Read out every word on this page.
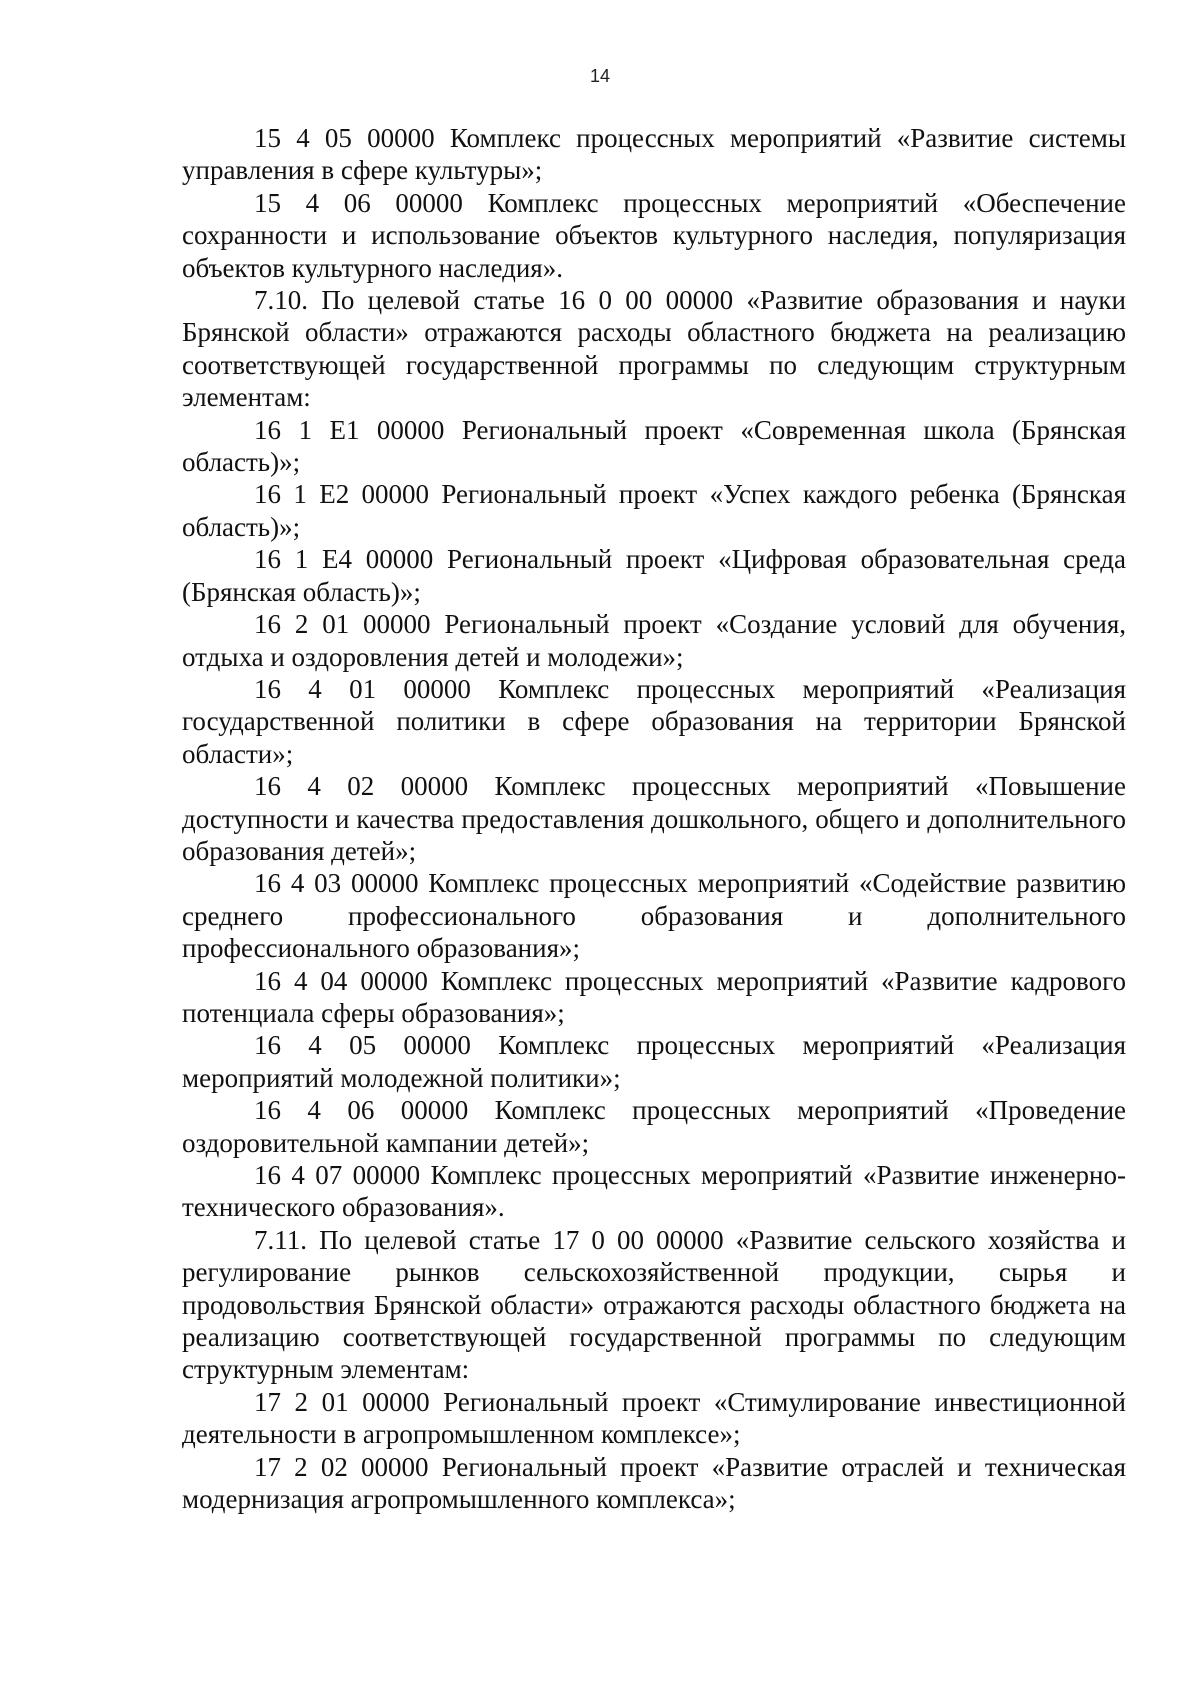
14

15 4 05 00000 Комплекс процессных мероприятий «Развитие системы управления в сфере культуры»;

15 4 06 00000 Комплекс процессных мероприятий «Обеспечение сохранности и использование объектов культурного наследия, популяризация объектов культурного наследия».

7.10. По целевой статье 16 0 00 00000 «Развитие образования и науки Брянской области» отражаются расходы областного бюджета на реализацию соответствующей государственной программы по следующим структурным элементам:

16 1 Е1 00000 Региональный проект «Современная школа (Брянская область)»;

16 1 Е2 00000 Региональный проект «Успех каждого ребенка (Брянская область)»;

16 1 Е4 00000 Региональный проект «Цифровая образовательная среда (Брянская область)»;

16 2 01 00000 Региональный проект «Создание условий для обучения, отдыха и оздоровления детей и молодежи»;

16 4 01 00000 Комплекс процессных мероприятий «Реализация государственной политики в сфере образования на территории Брянской области»;

16 4 02 00000 Комплекс процессных мероприятий «Повышение доступности и качества предоставления дошкольного, общего и дополнительного образования детей»;

16 4 03 00000 Комплекс процессных мероприятий «Содействие развитию среднего профессионального образования и дополнительного профессионального образования»;

16 4 04 00000 Комплекс процессных мероприятий «Развитие кадрового потенциала сферы образования»;

16 4 05 00000 Комплекс процессных мероприятий «Реализация мероприятий молодежной политики»;

16 4 06 00000 Комплекс процессных мероприятий «Проведение оздоровительной кампании детей»;

16 4 07 00000 Комплекс процессных мероприятий «Развитие инженерно-технического образования».

7.11. По целевой статье 17 0 00 00000 «Развитие сельского хозяйства и регулирование рынков сельскохозяйственной продукции, сырья и продовольствия Брянской области» отражаются расходы областного бюджета на реализацию соответствующей государственной программы по следующим структурным элементам:

17 2 01 00000 Региональный проект «Стимулирование инвестиционной деятельности в агропромышленном комплексе»;

17 2 02 00000 Региональный проект «Развитие отраслей и техническая модернизация агропромышленного комплекса»;
